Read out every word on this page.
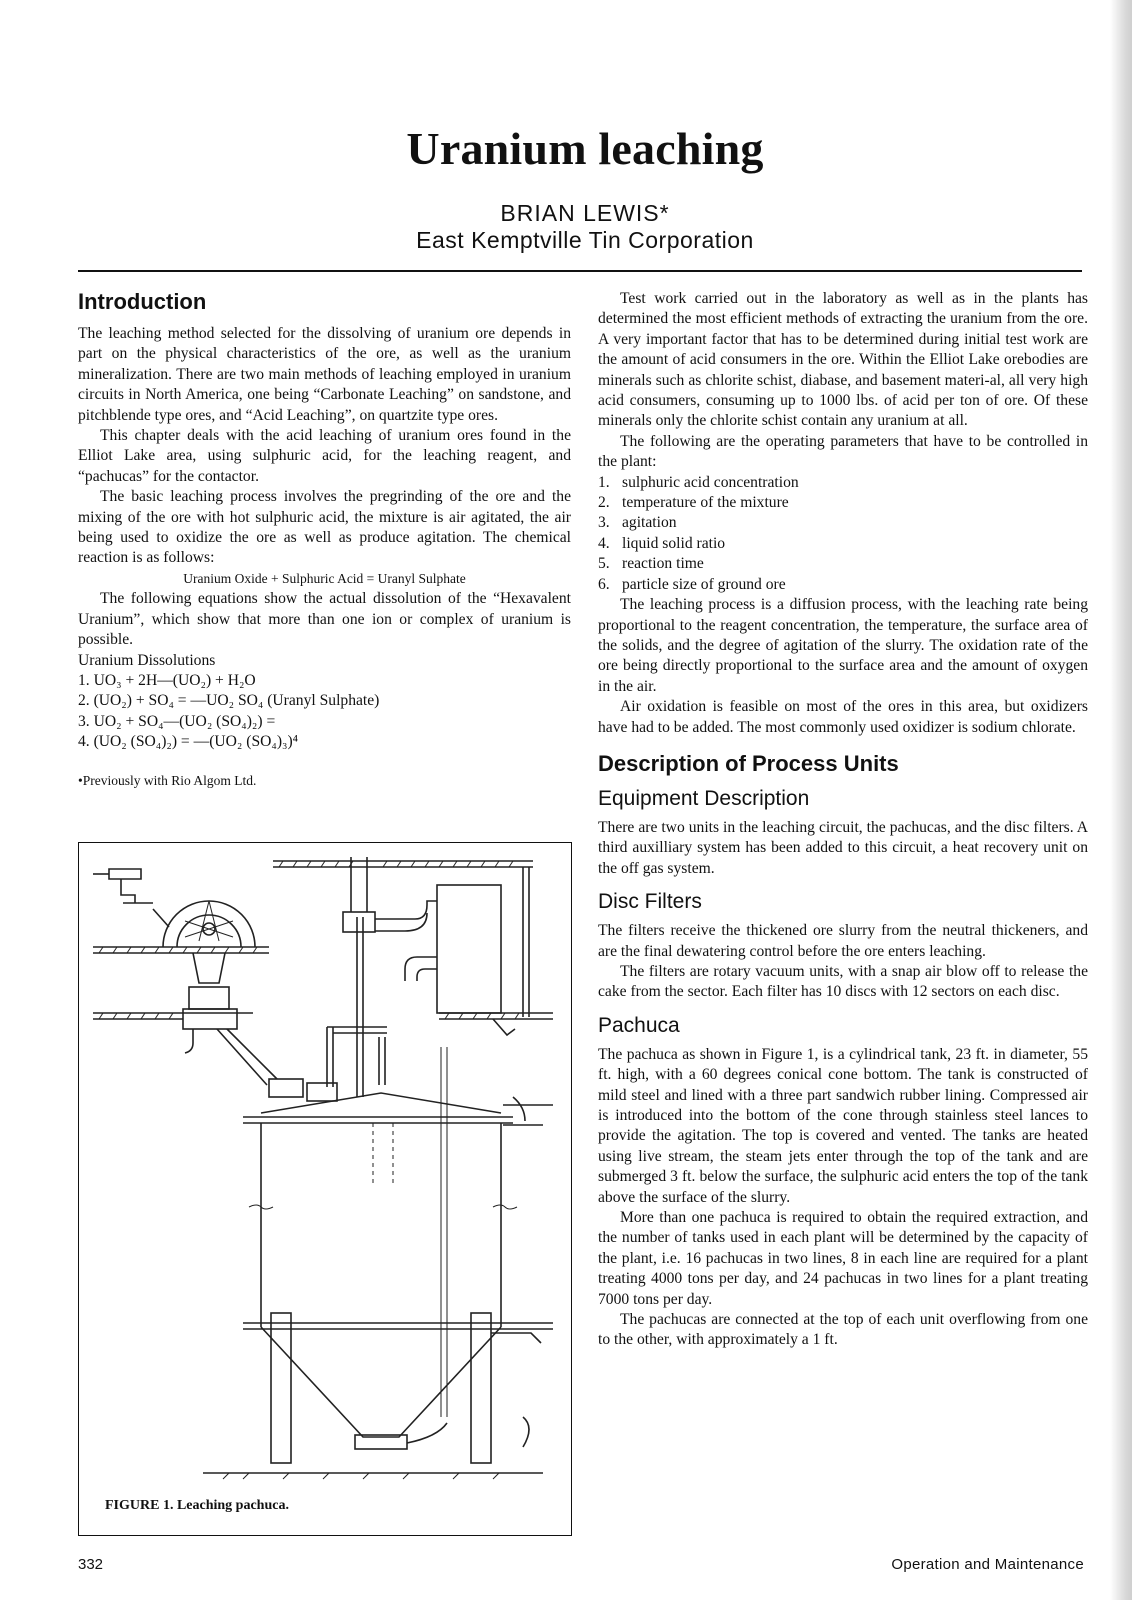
Uranium leaching
BRIAN LEWIS*
East Kemptville Tin Corporation
Introduction

The leaching method selected for the dissolving of uranium ore depends in part on the physical characteristics of the ore, as well as the uranium mineralization. There are two main methods of leaching employed in uranium circuits in North America, one being “Carbonate Leaching” on sandstone, and pitchblende type ores, and “Acid Leaching”, on quartzite type ores.

This chapter deals with the acid leaching of uranium ores found in the Elliot Lake area, using sulphuric acid, for the leaching reagent, and “pachucas” for the contactor.

The basic leaching process involves the pregrinding of the ore and the mixing of the ore with hot sulphuric acid, the mixture is air agitated, the air being used to oxidize the ore as well as produce agitation. The chemical reaction is as follows:

Uranium Oxide + Sulphuric Acid = Uranyl Sulphate

The following equations show the actual dissolution of the “Hexavalent Uranium”, which show that more than one ion or complex of uranium is possible.

Uranium Dissolutions

1. UO₃ + 2H—(UO₂) + H₂O

2. (UO₂) + SO₄ = —UO₂ SO₄ (Uranyl Sulphate)

3. UO₂ + SO₄—(UO₂ (SO₄)₂) =

4. (UO₂ (SO₄)₂) = —(UO₂ (SO₄)₃)⁴

•Previously with Rio Algom Ltd.

FIGURE 1. Leaching pachuca.

Test work carried out in the laboratory as well as in the plants has determined the most efficient methods of extracting the uranium from the ore. A very important factor that has to be determined during initial test work are the amount of acid consumers in the ore. Within the Elliot Lake orebodies are minerals such as chlorite schist, diabase, and basement materi-al, all very high acid consumers, consuming up to 1000 lbs. of acid per ton of ore. Of these minerals only the chlorite schist contain any uranium at all.

The following are the operating parameters that have to be controlled in the plant:

1. sulphuric acid concentration
2. temperature of the mixture
3. agitation
4. liquid solid ratio
5. reaction time
6. particle size of ground ore

The leaching process is a diffusion process, with the leaching rate being proportional to the reagent concentration, the temperature, the surface area of the solids, and the degree of agitation of the slurry. The oxidation rate of the ore being directly proportional to the surface area and the amount of oxygen in the air.

Air oxidation is feasible on most of the ores in this area, but oxidizers have had to be added. The most commonly used oxidizer is sodium chlorate.

Description of Process Units
Equipment Description

There are two units in the leaching circuit, the pachucas, and the disc filters. A third auxilliary system has been added to this circuit, a heat recovery unit on the off gas system.

Disc Filters

The filters receive the thickened ore slurry from the neutral thickeners, and are the final dewatering control before the ore enters leaching.

The filters are rotary vacuum units, with a snap air blow off to release the cake from the sector. Each filter has 10 discs with 12 sectors on each disc.

Pachuca

The pachuca as shown in Figure 1, is a cylindrical tank, 23 ft. in diameter, 55 ft. high, with a 60 degrees conical cone bottom. The tank is constructed of mild steel and lined with a three part sandwich rubber lining. Compressed air is introduced into the bottom of the cone through stainless steel lances to provide the agitation. The top is covered and vented. The tanks are heated using live stream, the steam jets enter through the top of the tank and are submerged 3 ft. below the surface, the sulphuric acid enters the top of the tank above the surface of the slurry.

More than one pachuca is required to obtain the required extraction, and the number of tanks used in each plant will be determined by the capacity of the plant, i.e. 16 pachucas in two lines, 8 in each line are required for a plant treating 4000 tons per day, and 24 pachucas in two lines for a plant treating 7000 tons per day.

The pachucas are connected at the top of each unit overflowing from one to the other, with approximately a 1 ft.

332	Operation and Maintenance
